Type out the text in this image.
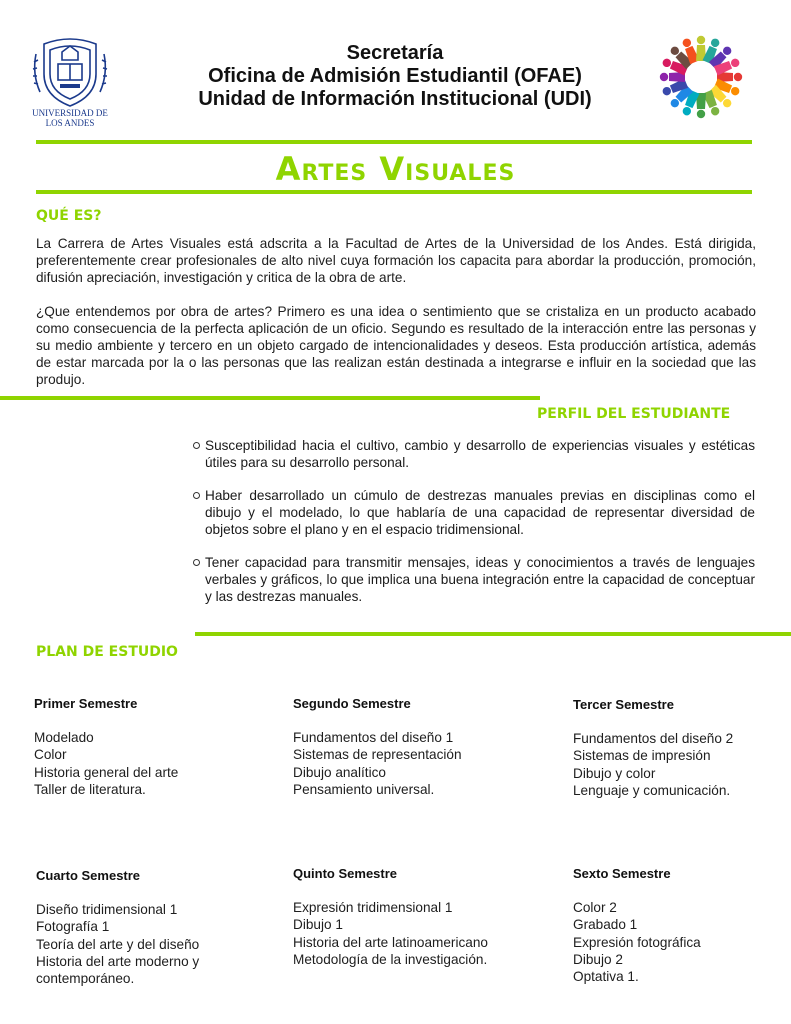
UNIVERSIDAD DE LOS ANDES
Secretaría
Oficina de Admisión Estudiantil (OFAE)
Unidad de Información Institucional (UDI)
Artes Visuales
QUÉ ES?
La Carrera de Artes Visuales está adscrita a la Facultad de Artes de la Universidad de los Andes. Está dirigida, preferentemente crear profesionales de alto nivel cuya formación los capacita para abordar la producción, promoción, difusión apreciación, investigación y critica de la obra de arte.
¿Que entendemos por obra de artes? Primero es una idea o sentimiento que se cristaliza en un producto acabado como consecuencia de la perfecta aplicación de un oficio. Segundo es resultado de la interacción entre las personas y su medio ambiente y tercero en un objeto cargado de intencionalidades y deseos. Esta producción artística, además de estar marcada por la o las personas que las realizan están destinada a integrarse e influir en la sociedad que las produjo.
PERFIL DEL ESTUDIANTE
Susceptibilidad hacia el cultivo, cambio y desarrollo de experiencias visuales y estéticas útiles para su desarrollo personal.
Haber desarrollado un cúmulo de destrezas manuales previas en disciplinas como el dibujo y el modelado, lo que hablaría de una capacidad de representar diversidad de objetos sobre el plano y en el espacio tridimensional.
Tener capacidad para transmitir mensajes, ideas y conocimientos a través de lenguajes verbales y gráficos, lo que implica una buena integración entre la capacidad de conceptuar y las destrezas manuales.
PLAN DE ESTUDIO
Primer Semestre
Modelado
Color
Historia general del arte
Taller de literatura.
Segundo Semestre
Fundamentos del diseño 1
Sistemas de representación
Dibujo analítico
Pensamiento universal.
Tercer Semestre
Fundamentos del diseño 2
Sistemas de impresión
Dibujo y color
Lenguaje y comunicación.
Cuarto Semestre
Diseño tridimensional 1
Fotografía 1
Teoría del arte y del diseño
Historia del arte moderno y
contemporáneo.
Quinto Semestre
Expresión tridimensional 1
Dibujo 1
Historia del arte latinoamericano
Metodología de la investigación.
Sexto Semestre
Color 2
Grabado 1
Expresión fotográfica
Dibujo 2
Optativa 1.
